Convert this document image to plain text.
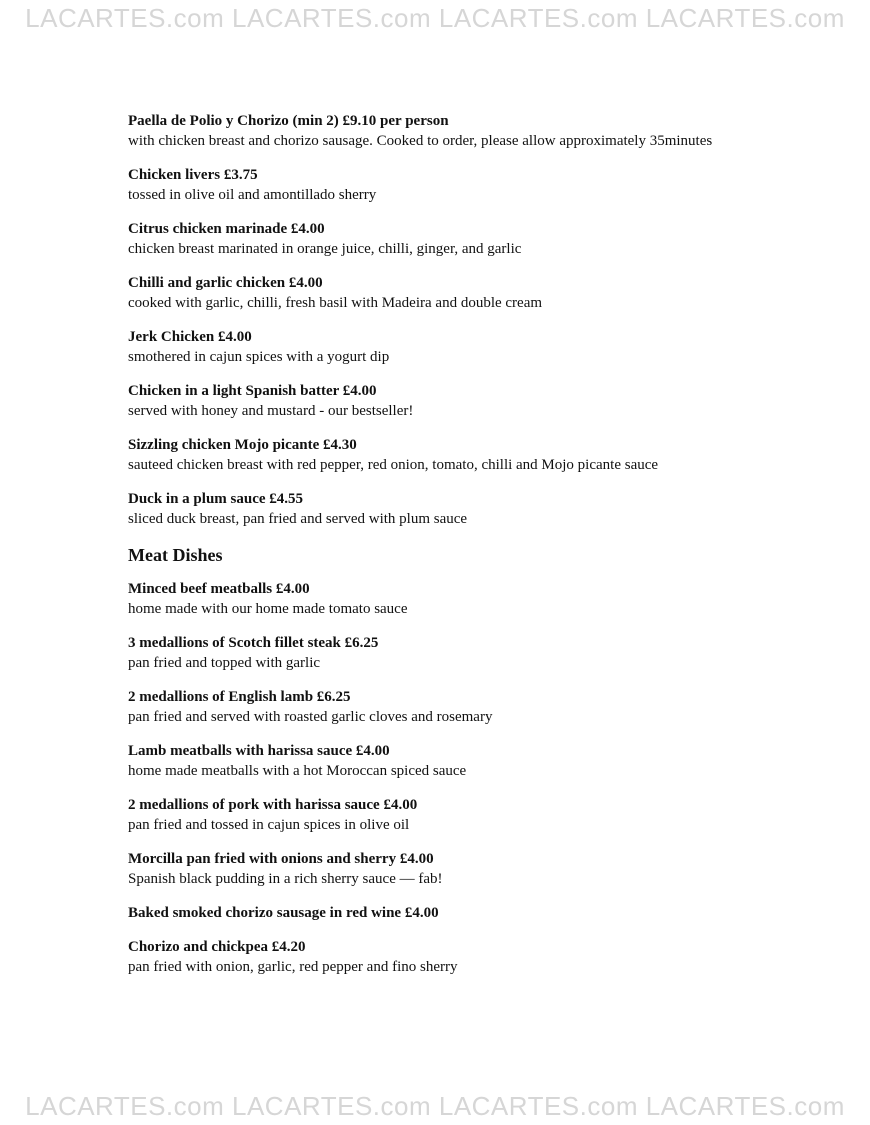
LACARTES.com LACARTES.com LACARTES.com LACARTES.com
Paella de Polio y Chorizo (min 2) £9.10 per person
with chicken breast and chorizo sausage. Cooked to order, please allow approximately 35minutes
Chicken livers £3.75
tossed in olive oil and amontillado sherry
Citrus chicken marinade £4.00
chicken breast marinated in orange juice, chilli, ginger, and garlic
Chilli and garlic chicken £4.00
cooked with garlic, chilli, fresh basil with Madeira and double cream
Jerk Chicken £4.00
smothered in cajun spices with a yogurt dip
Chicken in a light Spanish batter £4.00
served with honey and mustard - our bestseller!
Sizzling chicken Mojo picante £4.30
sauteed chicken breast with red pepper, red onion, tomato, chilli and Mojo picante sauce
Duck in a plum sauce £4.55
sliced duck breast, pan fried and served with plum sauce
Meat Dishes
Minced beef meatballs £4.00
home made with our home made tomato sauce
3 medallions of Scotch fillet steak £6.25
pan fried and topped with garlic
2 medallions of English lamb £6.25
pan fried and served with roasted garlic cloves and rosemary
Lamb meatballs with harissa sauce £4.00
home made meatballs with a hot Moroccan spiced sauce
2 medallions of pork with harissa sauce £4.00
pan fried and tossed in cajun spices in olive oil
Morcilla pan fried with onions and sherry £4.00
Spanish black pudding in a rich sherry sauce — fab!
Baked smoked chorizo sausage in red wine £4.00
Chorizo and chickpea £4.20
pan fried with onion, garlic, red pepper and fino sherry
LACARTES.com LACARTES.com LACARTES.com LACARTES.com
